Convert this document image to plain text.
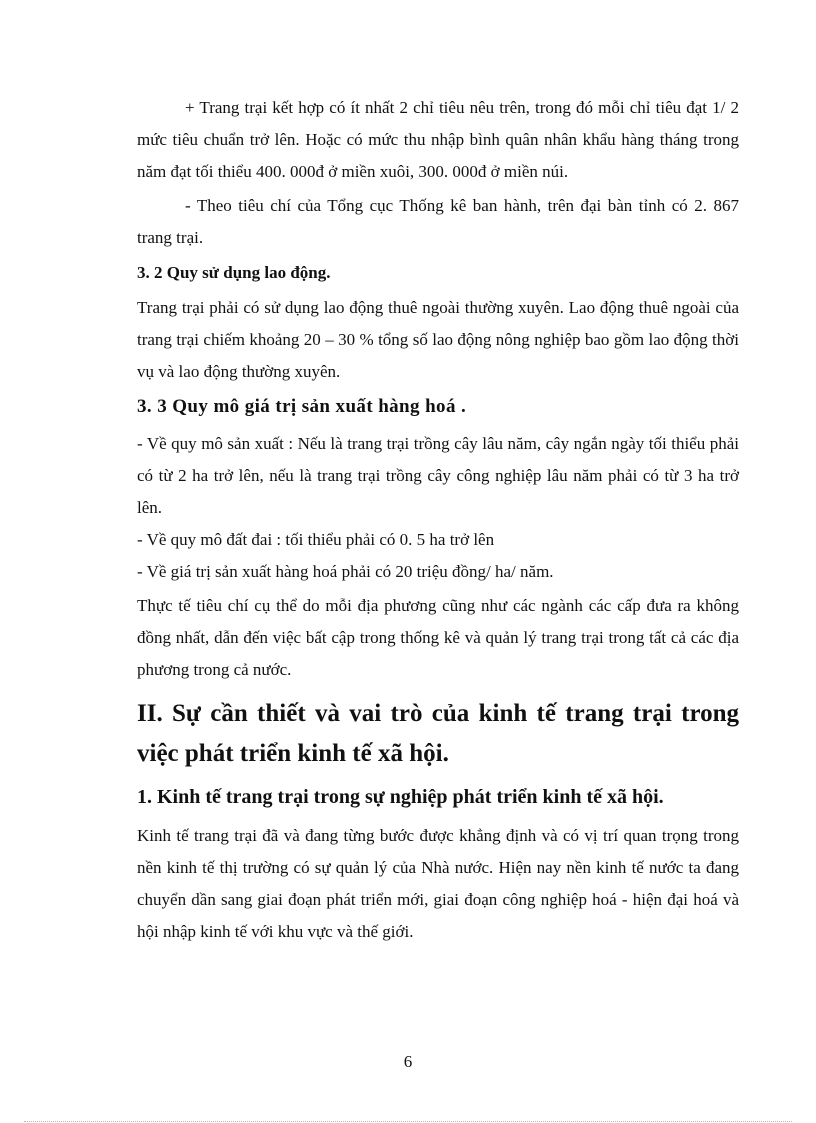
+ Trang trại kết hợp có ít nhất 2 chỉ tiêu nêu trên, trong đó mỗi chỉ tiêu đạt 1/ 2 mức tiêu chuẩn trở lên. Hoặc có mức thu nhập bình quân nhân khẩu hàng tháng trong năm đạt tối thiểu 400. 000đ ở miền xuôi, 300. 000đ ở miền núi.

- Theo tiêu chí của Tổng cục Thống kê ban hành, trên đại bàn tỉnh có 2. 867 trang trại.

3. 2 Quy sử dụng lao động.

Trang trại phải có sử dụng lao động thuê ngoài thường xuyên. Lao động thuê ngoài của trang trại chiếm khoảng 20 – 30 % tổng số lao động nông nghiệp bao gồm lao động thời vụ và lao động thường xuyên.

3. 3 Quy mô giá trị sản xuất hàng hoá .

- Về quy mô sản xuất : Nếu là trang trại trồng cây lâu năm, cây ngắn ngày tối thiểu phải có từ 2 ha trở lên, nếu là trang trại trồng cây công nghiệp lâu năm phải có từ 3 ha trở lên.

- Về quy mô đất đai : tối thiểu phải có 0. 5 ha trở lên

- Về giá trị sản xuất hàng hoá phải có 20 triệu đồng/ ha/ năm.

Thực tế tiêu chí cụ thể do mỗi địa phương cũng như các ngành các cấp đưa ra không đồng nhất, dẫn đến việc bất cập trong thống kê và quản lý trang trại trong tất cả các địa phương trong cả nước.

II. Sự cần thiết và vai trò của kinh tế trang trại trong việc phát triển kinh tế xã hội.

1. Kinh tế trang trại trong sự nghiệp phát triển kinh tế xã hội.

Kinh tế trang trại đã và đang từng bước được khẳng định và có vị trí quan trọng trong nền kinh tế thị trường có sự quản lý của Nhà nước. Hiện nay nền kinh tế nước ta đang chuyển dần sang giai đoạn phát triển mới, giai đoạn công nghiệp hoá - hiện đại hoá và hội nhập kinh tế với khu vực và thế giới.

6
